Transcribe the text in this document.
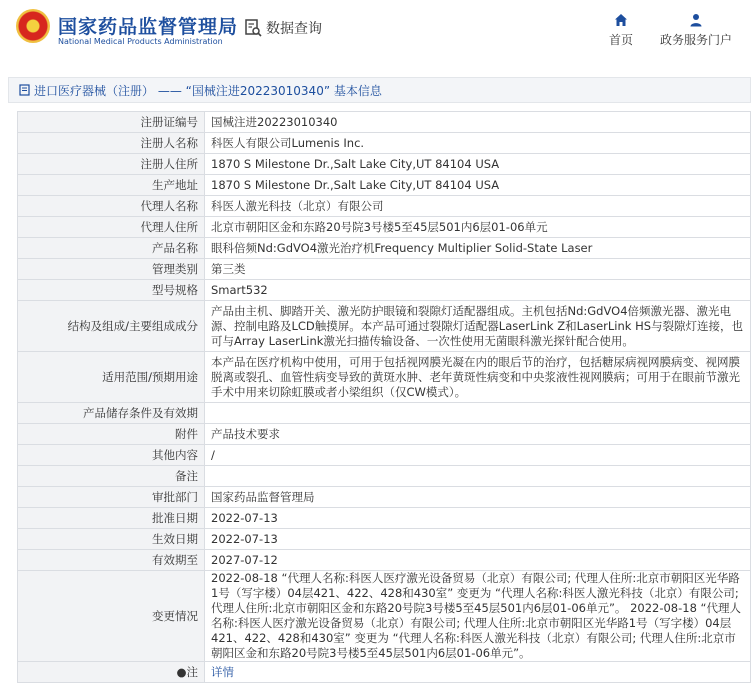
国家药品监督管理局
National Medical Products Administration
数据查询
首页	政务服务门户
进口医疗器械（注册） —— “国械注进20223010340” 基本信息
注册证编号	国械注进20223010340
注册人名称	科医人有限公司Lumenis Inc.
注册人住所	1870 S Milestone Dr.,Salt Lake City,UT 84104 USA
生产地址	1870 S Milestone Dr.,Salt Lake City,UT 84104 USA
代理人名称	科医人激光科技（北京）有限公司
代理人住所	北京市朝阳区金和东路20号院3号楼5至45层501内6层01-06单元
产品名称	眼科倍频Nd:GdVO4激光治疗机Frequency Multiplier Solid-State Laser
管理类别	第三类
型号规格	Smart532
结构及组成/主要组成成分	产品由主机、脚踏开关、激光防护眼镜和裂隙灯适配器组成。主机包括Nd:GdVO4倍频激光器、激光电源、控制电路及LCD触摸屏。本产品可通过裂隙灯适配器LaserLink Z和LaserLink HS与裂隙灯连接，也可与Array LaserLink激光扫描传输设备、一次性使用无菌眼科激光探针配合使用。
适用范围/预期用途	本产品在医疗机构中使用，可用于包括视网膜光凝在内的眼后节的治疗，包括糖尿病视网膜病变、视网膜脱离或裂孔、血管性病变导致的黄斑水肿、老年黄斑性病变和中央浆液性视网膜病；可用于在眼前节激光手术中用来切除虹膜或者小梁组织（仅CW模式）。
产品储存条件及有效期	
附件	产品技术要求
其他内容	/
备注	
审批部门	国家药品监督管理局
批准日期	2022-07-13
生效日期	2022-07-13
有效期至	2027-07-12
变更情况	2022-08-18 “代理人名称:科医人医疗激光设备贸易（北京）有限公司; 代理人住所:北京市朝阳区光华路1号（写字楼）04层421、422、428和430室” 变更为 “代理人名称:科医人激光科技（北京）有限公司; 代理人住所:北京市朝阳区金和东路20号院3号楼5至45层501内6层01-06单元”。 2022-08-18 “代理人名称:科医人医疗激光设备贸易（北京）有限公司; 代理人住所:北京市朝阳区光华路1号（写字楼）04层421、422、428和430室” 变更为 “代理人名称:科医人激光科技（北京）有限公司; 代理人住所:北京市朝阳区金和东路20号院3号楼5至45层501内6层01-06单元”。
●注	详情
